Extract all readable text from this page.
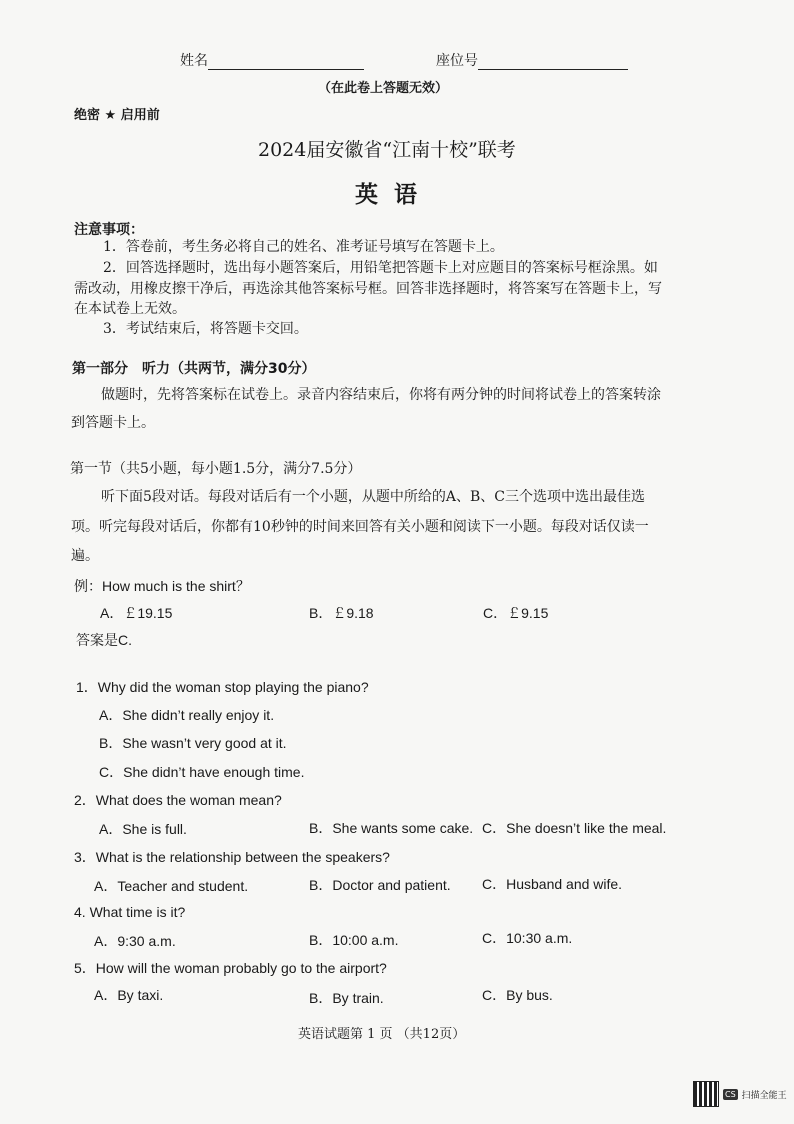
姓名	座位号
（在此卷上答题无效）
绝密 ★ 启用前
2024届安徽省“江南十校”联考
英  语
注意事项：
1．答卷前，考生务必将自己的姓名、准考证号填写在答题卡上。
2．回答选择题时，选出每小题答案后，用铅笔把答题卡上对应题目的答案标号框涂黑。如
需改动，用橡皮擦干净后，再选涂其他答案标号框。回答非选择题时，将答案写在答题卡上，写
在本试卷上无效。
3．考试结束后，将答题卡交回。
第一部分　听力（共两节，满分30分）
做题时，先将答案标在试卷上。录音内容结束后，你将有两分钟的时间将试卷上的答案转涂
到答题卡上。
第一节（共5小题，每小题1.5分，满分7.5分）
听下面5段对话。每段对话后有一个小题，从题中所给的A、B、C三个选项中选出最佳选
项。听完每段对话后，你都有10秒钟的时间来回答有关小题和阅读下一小题。每段对话仅读一
遍。
例：How much is the shirt？
A．￡19.15	B．￡9.18	C．￡9.15
答案是C.
1．Why did the woman stop playing the piano?
A．She didn’t really enjoy it.
B．She wasn’t very good at it.
C．She didn’t have enough time.
2．What does the woman mean?
A．She is full.	B．She wants some cake. C．She doesn’t like the meal.
3．What is the relationship between the speakers?
A．Teacher and student.	B．Doctor and patient. C．Husband and wife.
4. What time is it?
A．9:30 a.m.	B．10:00 a.m.	C．10:30 a.m.
5．How will the woman probably go to the airport?
A．By taxi.	B．By train.	C．By bus.
英语试题第 1 页 （共12页）
CS 扫描全能王
